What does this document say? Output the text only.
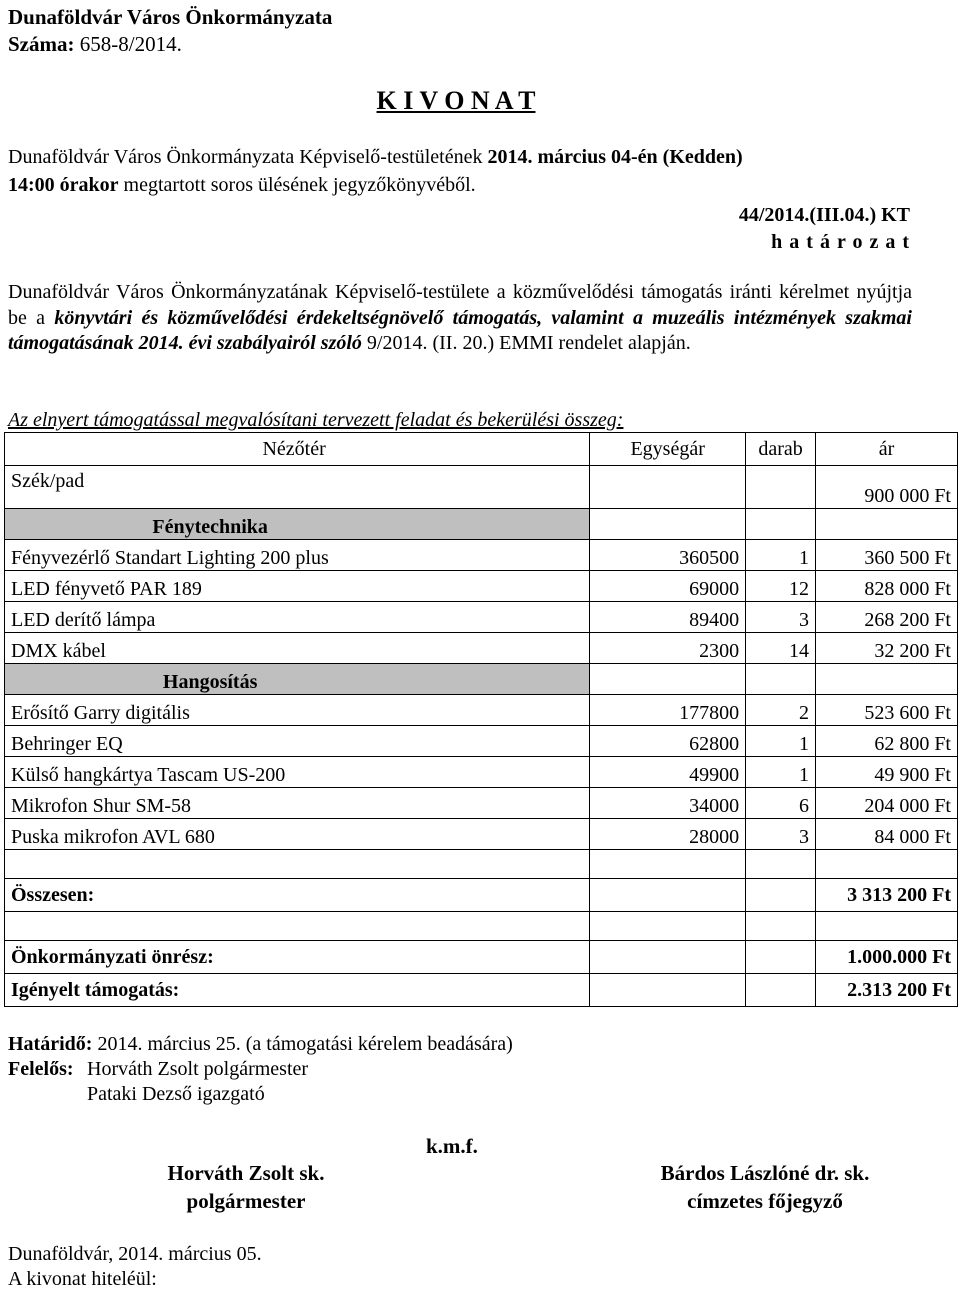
Dunaföldvár Város Önkormányzata
Száma: 658-8/2014.
K I V O N A T
Dunaföldvár Város Önkormányzata Képviselő-testületének 2014. március 04-én (Kedden)
14:00 órakor megtartott soros ülésének jegyzőkönyvéből.
44/2014.(III.04.) KT
h a t á r o z a t
Dunaföldvár Város Önkormányzatának Képviselő-testülete a közművelődési támogatás iránti kérelmet nyújtja be a könyvtári és közművelődési érdekeltségnövelő támogatás, valamint a muzeális intézmények szakmai támogatásának 2014. évi szabályairól szóló 9/2014. (II. 20.) EMMI rendelet alapján.
Az elnyert támogatással megvalósítani tervezett feladat és bekerülési összeg:
Nézőtér	Egységár	darab	ár
Szék/pad			900 000 Ft
Fénytechnika			
Fényvezérlő Standart Lighting 200 plus	360500	1	360 500 Ft
LED fényvető PAR 189	69000	12	828 000 Ft
LED derítő lámpa	89400	3	268 200 Ft
DMX kábel	2300	14	32 200 Ft
Hangosítás			
Erősítő Garry digitális	177800	2	523 600 Ft
Behringer EQ	62800	1	62 800 Ft
Külső hangkártya Tascam US-200	49900	1	49 900 Ft
Mikrofon Shur SM-58	34000	6	204 000 Ft
Puska mikrofon AVL 680	28000	3	84 000 Ft

Összesen:			3 313 200 Ft

Önkormányzati önrész:			1.000.000 Ft
Igényelt támogatás:			2.313 200 Ft
Határidő: 2014. március 25. (a támogatási kérelem beadására)
Felelős: Horváth Zsolt polgármester
Pataki Dezső igazgató
k.m.f.
Horváth Zsolt sk.
polgármester
Bárdos Lászlóné dr. sk.
címzetes főjegyző
Dunaföldvár, 2014. március 05.
A kivonat hiteléül:
